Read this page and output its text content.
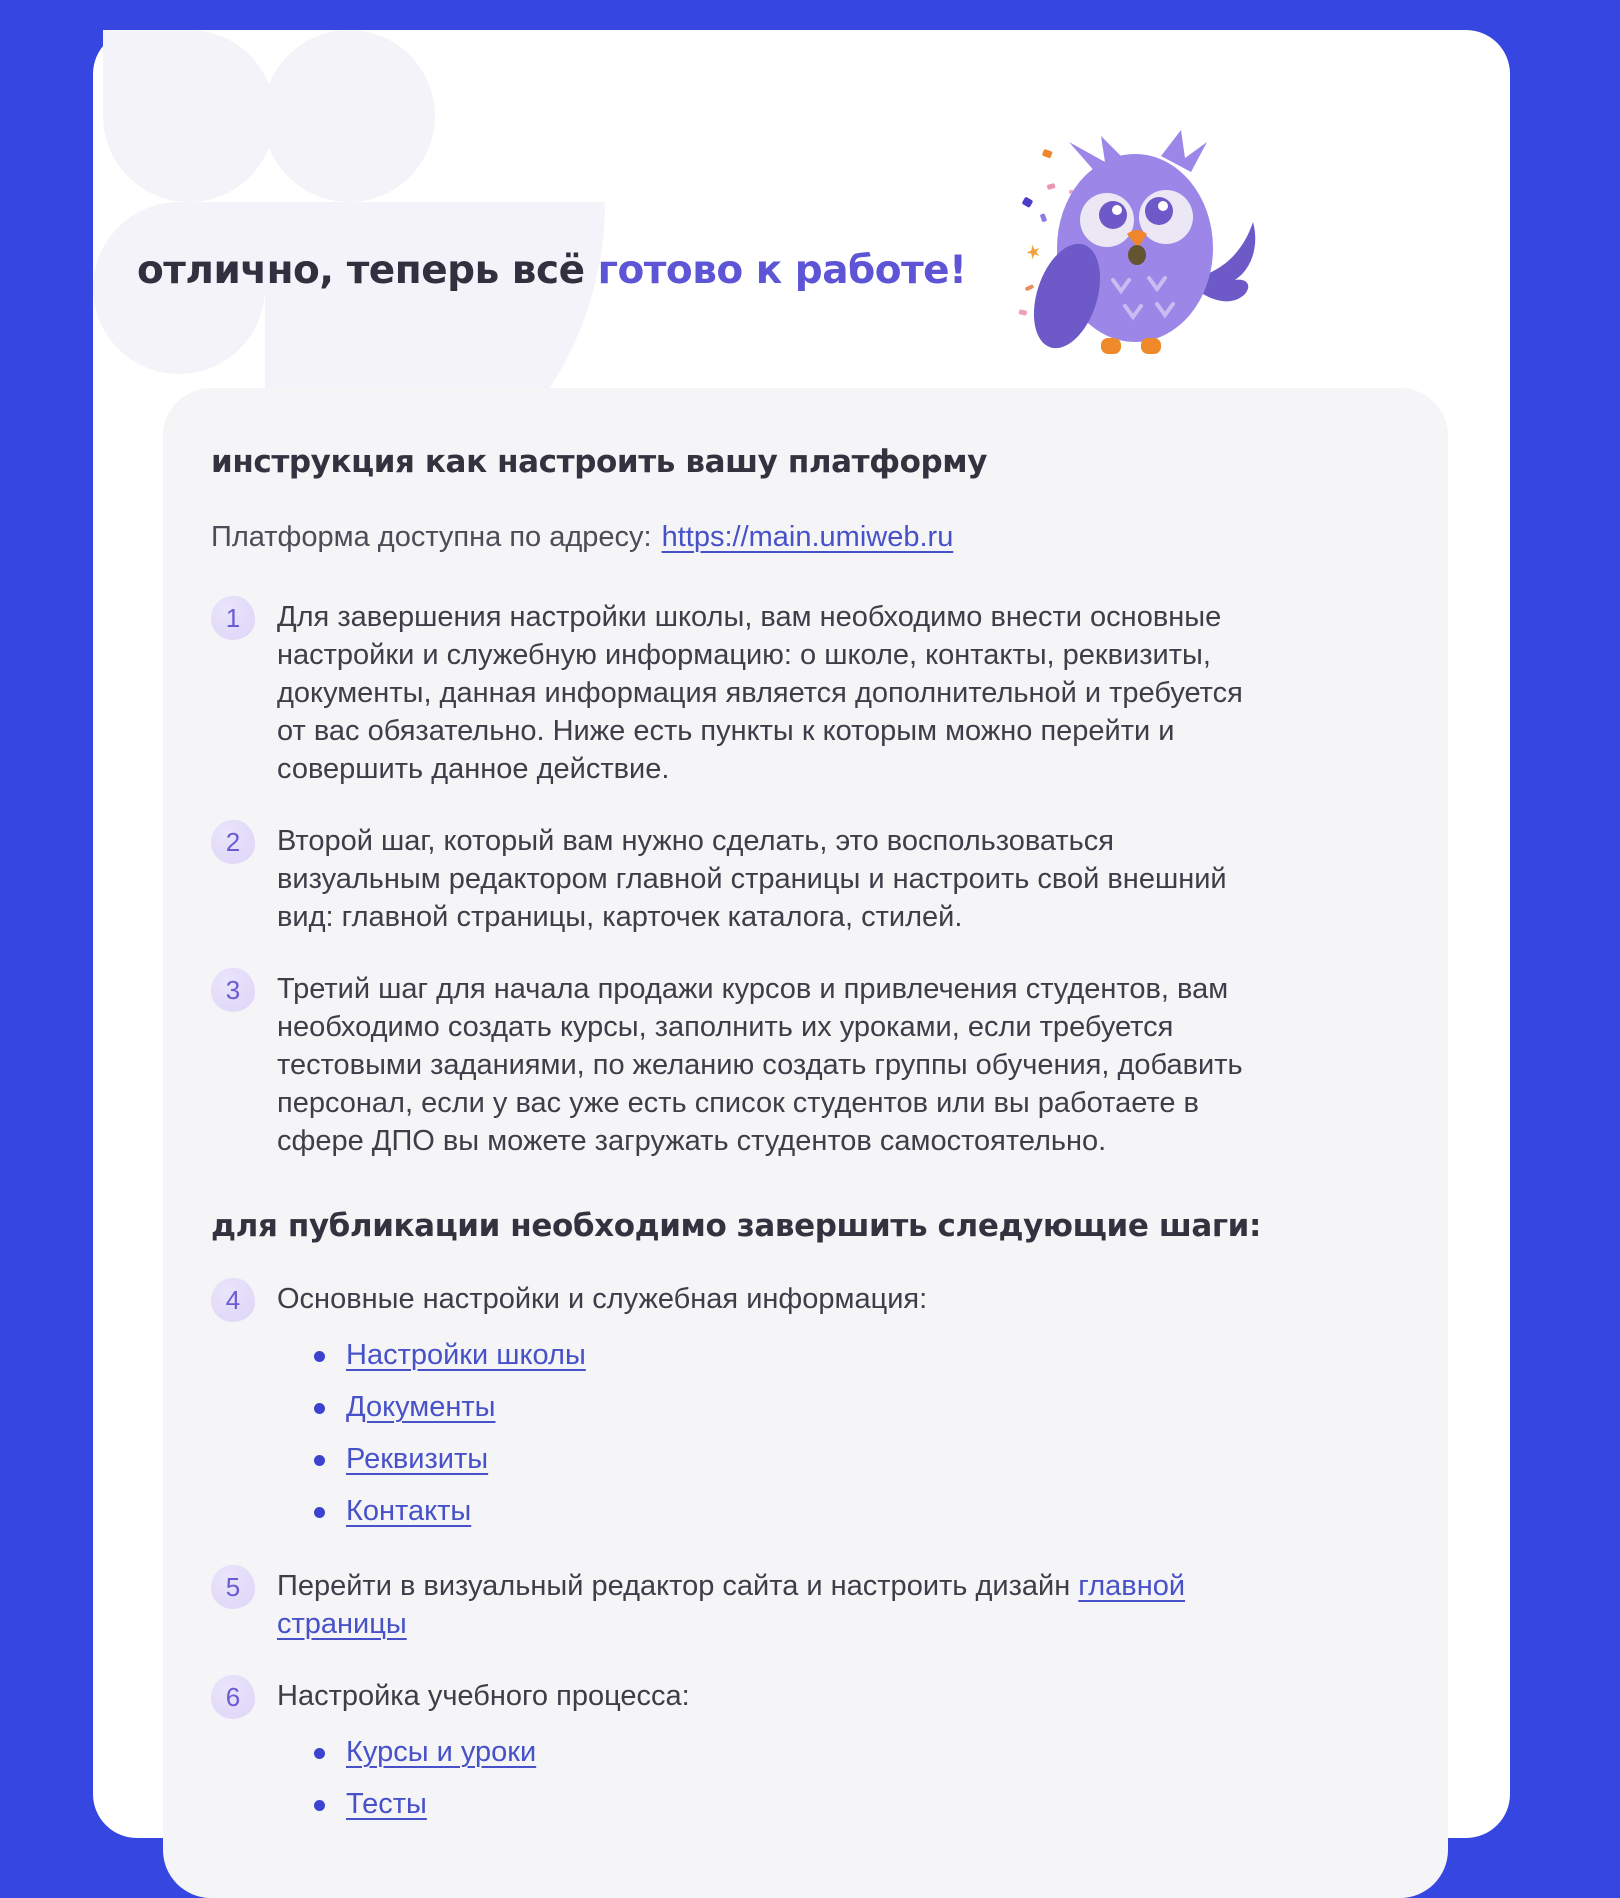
отлично, теперь всё готово к работе!
инструкция как настроить вашу платформу

Платформа доступна по адресу: https://main.umiweb.ru

1	Для завершения настройки школы, вам необходимо внести основные настройки и служебную информацию: о школе, контакты, реквизиты, документы, данная информация является дополнительной и требуется от вас обязательно. Ниже есть пункты к которым можно перейти и совершить данное действие.
2	Второй шаг, который вам нужно сделать, это воспользоваться визуальным редактором главной страницы и настроить свой внешний вид: главной страницы, карточек каталога, стилей.
3	Третий шаг для начала продажи курсов и привлечения студентов, вам необходимо создать курсы, заполнить их уроками, если требуется тестовыми заданиями, по желанию создать группы обучения, добавить персонал, если у вас уже есть список студентов или вы работаете в сфере ДПО вы можете загружать студентов самостоятельно.
для публикации необходимо завершить следующие шаги:
4	Основные настройки и служебная информация:
Настройки школы
Документы
Реквизиты
Контакты
5	Перейти в визуальный редактор сайта и настроить дизайн главной страницы
6	Настройка учебного процесса:
Курсы и уроки
Тесты
